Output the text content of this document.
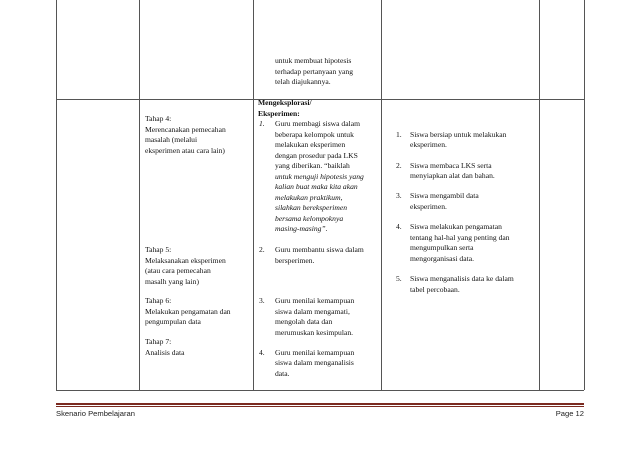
Tahap 4:
Merencanakan pemecahan
masalah (melalui
eksperimen atau cara lain)
Tahap 5:
Melaksanakan eksperimen
(atau cara pemecahan
masalh yang lain)
Tahap 6:
Melakukan pengamatan dan
pengumpulan data
Tahap 7:
Analisis data
untuk membuat hipotesis
terhadap pertanyaan yang
telah diajukannya.
Mengeksplorasi/
Eksperimen:
1. Guru membagi siswa dalam
beberapa kelompok untuk
melakukan eksperimen
dengan prosedur pada LKS
yang diberikan. “baiklah
untuk menguji hipotesis yang
kalian buat maka kita akan
melakukan praktikum,
silahkan bereksperimen
bersama kelompoknya
masing-masing”.
2. Guru membantu siswa dalam
bersperimen.
3. Guru menilai kemampuan
siswa dalam mengamati,
mengolah data dan
merumuskan kesimpulan.
4. Guru menilai kemampuan
siswa dalam menganalisis
data.
1. Siswa bersiap untuk melakukan
eksperimen.
2. Siswa membaca LKS serta
menyiapkan alat dan bahan.
3. Siswa mengambil data
eksperimen.
4. Siswa melakukan pengamatan
tentang hal-hal yang penting dan
mengumpulkan serta
mengorganisasi data.
5. Siswa menganalisis data ke dalam
tabel percobaan.
Skenario Pembelajaran	Page 12
